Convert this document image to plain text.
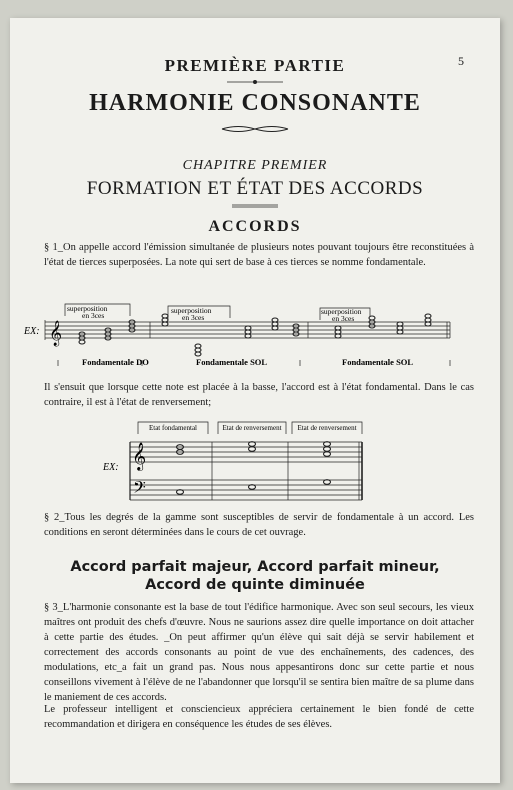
5
PREMIÈRE PARTIE
HARMONIE CONSONANTE
CHAPITRE PREMIER
FORMATION ET ÉTAT DES ACCORDS
ACCORDS
§ 1_On appelle accord l'émission simultanée de plusieurs notes pouvant toujours être reconstituées à l'état de tierces superposées. La note qui sert de base à ces tierces se nomme fondamentale.
EX: 𝄞
superposition
en 3ces
superposition
en 3ces
superposition
en 3ces
Fondamentale DO	Fondamentale SOL	Fondamentale SOL
Il s'ensuit que lorsque cette note est placée à la basse, l'accord est à l'état fondamental. Dans le cas contraire, il est à l'état de renversement;
EX:
Etat fondamental	Etat de renversement Etat de renversement
𝄞
𝄢
§ 2_Tous les degrés de la gamme sont susceptibles de servir de fondamentale à un accord. Les conditions en seront déterminées dans le cours de cet ouvrage.
Accord parfait majeur, Accord parfait mineur,
Accord de quinte diminuée
§ 3_L'harmonie consonante est la base de tout l'édifice harmonique. Avec son seul secours, les vieux maîtres ont produit des chefs d'œuvre. Nous ne saurions assez dire quelle importance on doit attacher à cette partie des études. _On peut affirmer qu'un élève qui sait déjà se servir habilement et correctement des accords consonants au point de vue des enchaînements, des cadences, des modulations, etc_a fait un grand pas. Nous nous appesantirons donc sur cette partie et nous conseillons vivement à l'élève de ne l'abandonner que lorsqu'il se sentira bien maître de sa plume dans le maniement de ces accords.
Le professeur intelligent et consciencieux appréciera certainement le bien fondé de cette recommandation et dirigera en conséquence les études de ses élèves.
